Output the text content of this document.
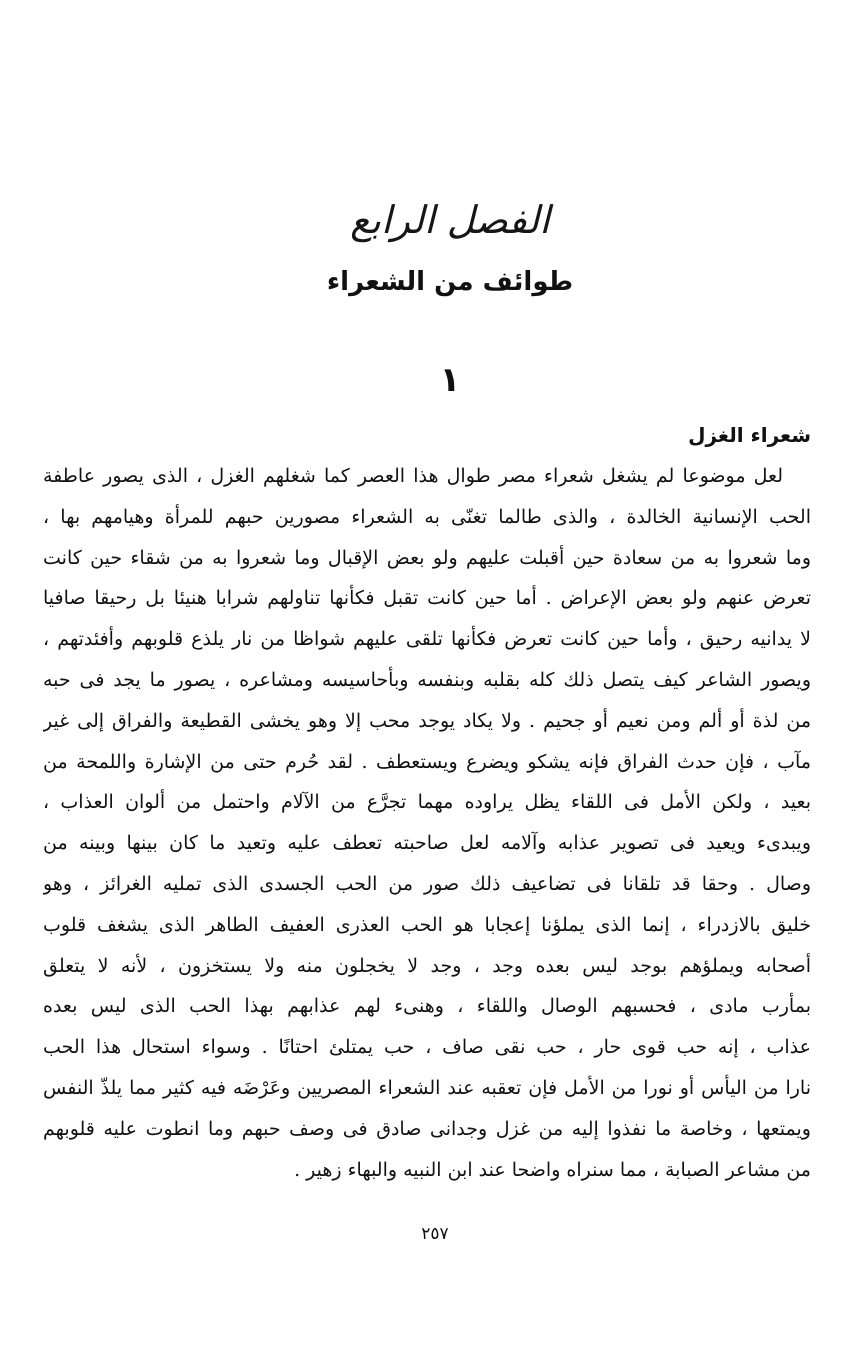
الفصل الرابع
طوائف من الشعراء
١
شعراء الغزل
لعل موضوعا لم يشغل شعراء مصر طوال هذا العصر كما شغلهم الغزل ، الذى يصور عاطفة
الحب الإنسانية الخالدة ، والذى طالما تغنّى به الشعراء مصورين حبهم للمرأة وهيامهم بها ،
وما شعروا به من سعادة حين أقبلت عليهم ولو بعض الإقبال وما شعروا به من شقاء حين كانت
تعرض عنهم ولو بعض الإعراض . أما حين كانت تقبل فكأنها تناولهم شرابا هنيئا بل رحيقا صافيا
لا يدانيه رحيق ، وأما حين كانت تعرض فكأنها تلقى عليهم شواظا من نار يلذع قلوبهم وأفئدتهم ،
ويصور الشاعر كيف يتصل ذلك كله بقلبه وبنفسه وبأحاسيسه ومشاعره ، يصور ما يجد فى حبه
من لذة أو ألم ومن نعيم أو جحيم . ولا يكاد يوجد محب إلا وهو يخشى القطيعة والفراق إلى غير
مآب ، فإن حدث الفراق فإنه يشكو ويضرع ويستعطف . لقد حُرم حتى من الإشارة واللمحة من
بعيد ، ولكن الأمل فى اللقاء يظل يراوده مهما تجرَّع من الآلام واحتمل من ألوان العذاب ،
ويبدىء ويعيد فى تصوير عذابه وآلامه لعل صاحبته تعطف عليه وتعيد ما كان بينها وبينه من
وصال . وحقا قد تلقانا فى تضاعيف ذلك صور من الحب الجسدى الذى تمليه الغرائز ، وهو
خليق بالازدراء ، إنما الذى يملؤنا إعجابا هو الحب العذرى العفيف الطاهر الذى يشغف قلوب
أصحابه ويملؤهم بوجد ليس بعده وجد ، وجد لا يخجلون منه ولا يستخزون ، لأنه لا يتعلق
بمأرب مادى ، فحسبهم الوصال واللقاء ، وهنىء لهم عذابهم بهذا الحب الذى ليس بعده
عذاب ، إنه حب قوى حار ، حب نقى صاف ، حب يمتلئ احتانًا . وسواء استحال هذا الحب
نارا من اليأس أو نورا من الأمل فإن تعقبه عند الشعراء المصريين وعَرْضَه فيه كثير مما يلذّ النفس
ويمتعها ، وخاصة ما نفذوا إليه من غزل وجدانى صادق فى وصف حبهم وما انطوت عليه قلوبهم
من مشاعر الصبابة ، مما سنراه واضحا عند ابن النبيه والبهاء زهير .
٢٥٧
